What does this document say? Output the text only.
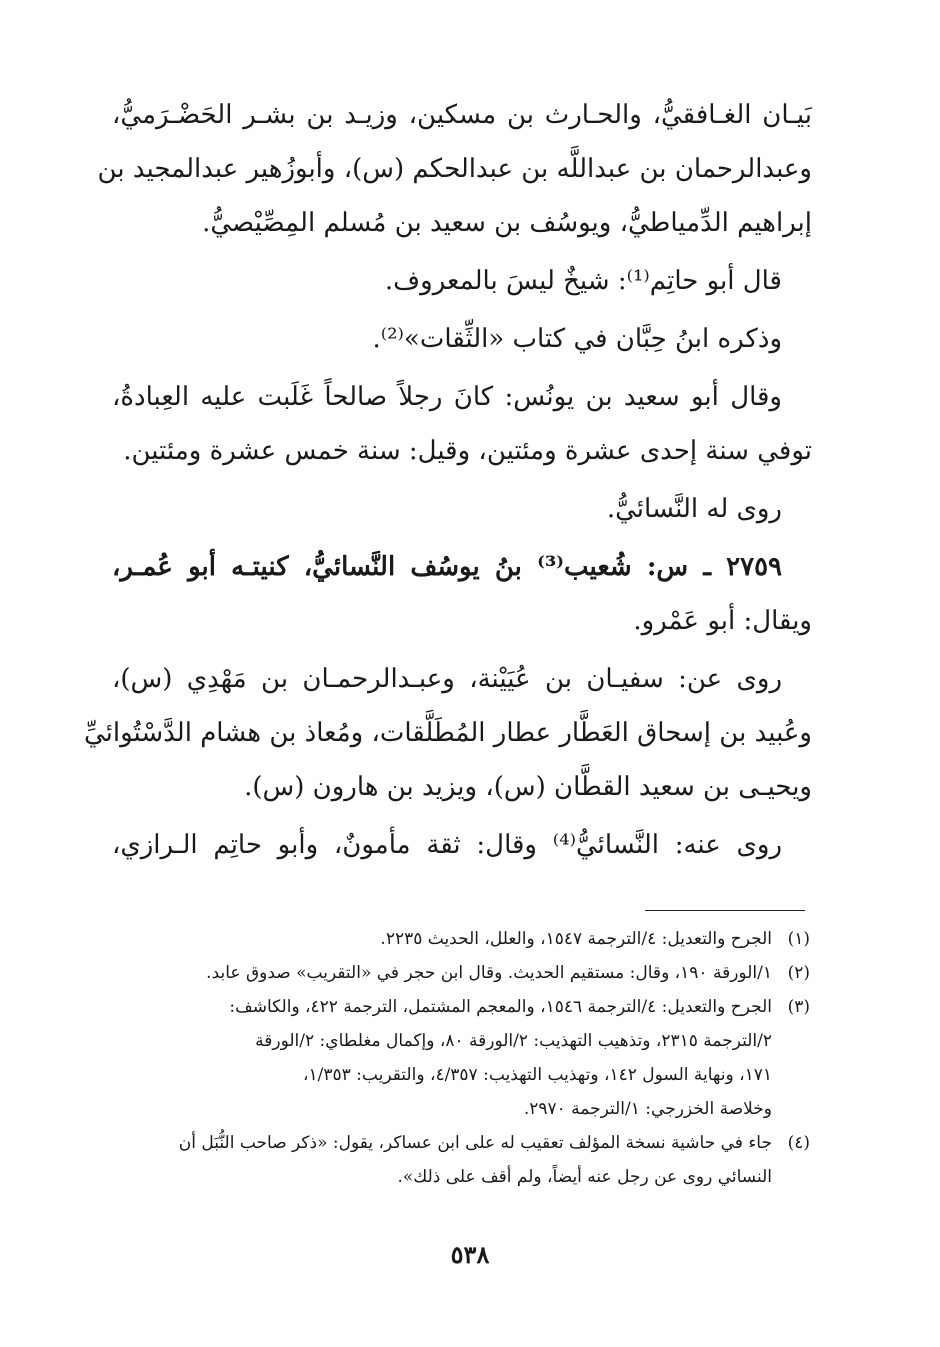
بَيـان الغـافقيُّ، والحـارث بن مسكين، وزيـد بن بشـر الحَضْـرَميُّ،
وعبدالرحمان بن عبداللَّه بن عبدالحكم (س)، وأبوزُهير عبدالمجيد بن
إبراهيم الدِّمياطيُّ، ويوسُف بن سعيد بن مُسلم المِصِّيْصيُّ.
قال أبو حاتِم⁽¹⁾: شيخٌ ليسَ بالمعروف.
وذكره ابنُ حِبَّان في كتاب «الثِّقات»⁽²⁾.
وقال أبو سعيد بن يونُس: كانَ رجلاً صالحاً غَلَبت عليه العِبادةُ،
توفي سنة إحدى عشرة ومئتين، وقيل: سنة خمس عشرة ومئتين.
روى له النَّسائيُّ.
٢٧٥٩ ـ س: شُعيب⁽³⁾ بنُ يوسُف النَّسائيُّ، كنيتـه أبو عُمـر،
ويقال: أبو عَمْرو.
روى عن: سفيـان بن عُيَيْنة، وعبـدالرحمـان بن مَهْدِي (س)،
وعُبيد بن إسحاق العَطَّار عطار المُطَلَّقات، ومُعاذ بن هشام الدَّسْتُوائيِّ
ويحيـى بن سعيد القطَّان (س)، ويزيد بن هارون (س).
روى عنه: النَّسائيُّ⁽⁴⁾ وقال: ثقة مأمونٌ، وأبو حاتِم الـرازي،
(١)الجرح والتعديل: ٤/الترجمة ١٥٤٧، والعلل، الحديث ٢٢٣٥.
(٢)١/الورقة ١٩٠، وقال: مستقيم الحديث. وقال ابن حجر في «التقريب» صدوق عابد.
(٣)الجرح والتعديل: ٤/الترجمة ١٥٤٦، والمعجم المشتمل، الترجمة ٤٢٢، والكاشف:
٢/الترجمة ٢٣١٥، وتذهيب التهذيب: ٢/الورقة ٨٠، وإكمال مغلطاي: ٢/الورقة
١٧١، ونهاية السول ١٤٢، وتهذيب التهذيب: ٤/٣٥٧، والتقريب: ١/٣٥٣،
وخلاصة الخزرجي: ١/الترجمة ٢٩٧٠.
(٤)جاء في حاشية نسخة المؤلف تعقيب له على ابن عساكر، يقول: «ذكر صاحب النُّبَل أن
النسائي روى عن رجل عنه أيضاً، ولم أقف على ذلك».
٥٣٨
